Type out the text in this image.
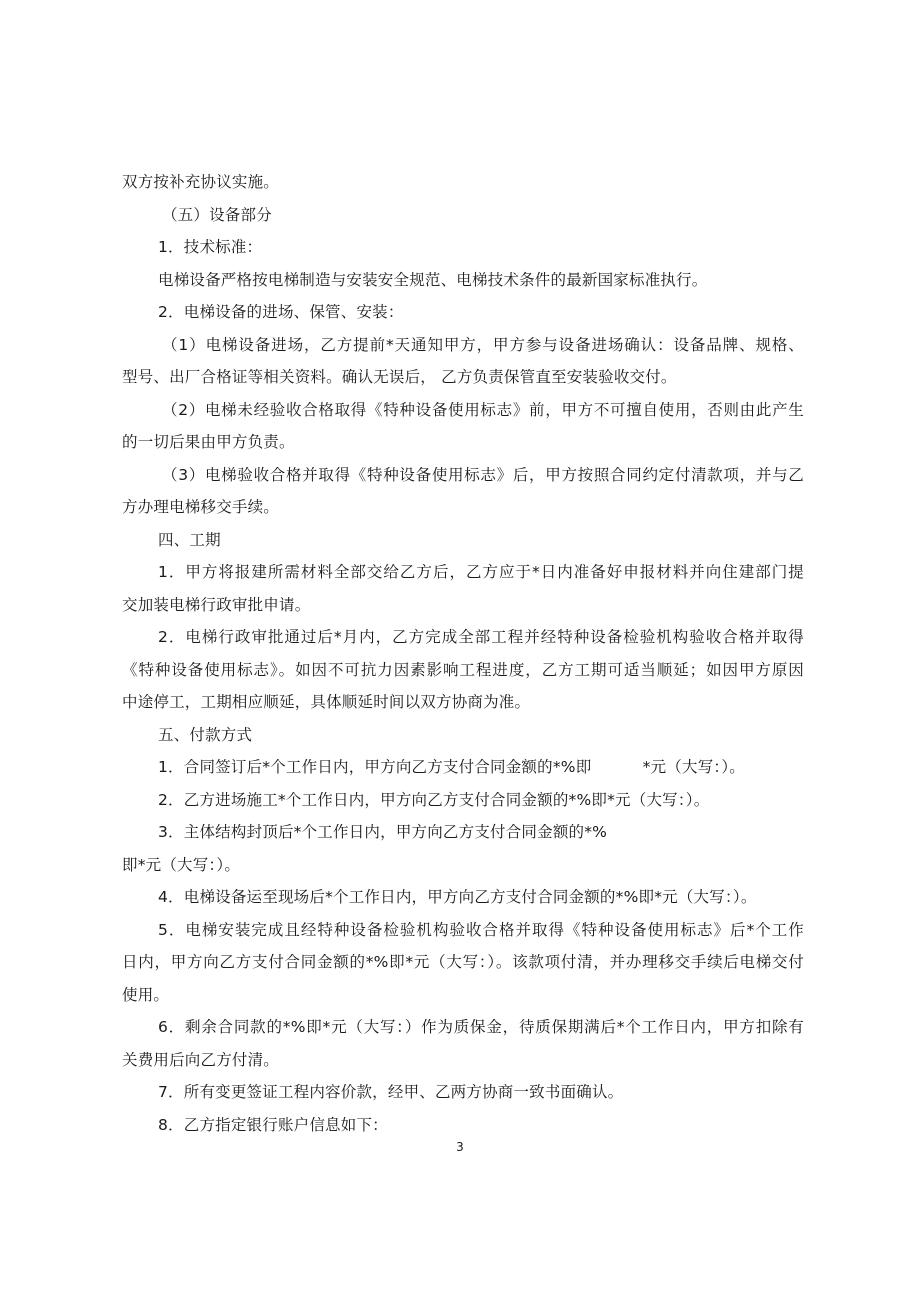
双方按补充协议实施。
（五）设备部分
1．技术标准：
电梯设备严格按电梯制造与安装安全规范、电梯技术条件的最新国家标准执行。
2．电梯设备的进场、保管、安装：
（1）电梯设备进场，乙方提前*天通知甲方，甲方参与设备进场确认：设备品牌、规格、
型号、出厂合格证等相关资料。确认无误后， 乙方负责保管直至安装验收交付。
（2）电梯未经验收合格取得《特种设备使用标志》前，甲方不可擅自使用，否则由此产生
的一切后果由甲方负责。
（3）电梯验收合格并取得《特种设备使用标志》后，甲方按照合同约定付清款项，并与乙
方办理电梯移交手续。
四、工期
1．甲方将报建所需材料全部交给乙方后，乙方应于*日内准备好申报材料并向住建部门提
交加装电梯行政审批申请。
2．电梯行政审批通过后*月内，乙方完成全部工程并经特种设备检验机构验收合格并取得
《特种设备使用标志》。如因不可抗力因素影响工程进度，乙方工期可适当顺延；如因甲方原因
中途停工，工期相应顺延，具体顺延时间以双方协商为准。
五、付款方式
1．合同签订后*个工作日内，甲方向乙方支付合同金额的*%即          *元（大写：）。
2．乙方进场施工*个工作日内，甲方向乙方支付合同金额的*%即*元（大写：）。
3．主体结构封顶后*个工作日内，甲方向乙方支付合同金额的*%
即*元（大写：）。
4．电梯设备运至现场后*个工作日内，甲方向乙方支付合同金额的*%即*元（大写：）。
5．电梯安装完成且经特种设备检验机构验收合格并取得《特种设备使用标志》后*个工作
日内，甲方向乙方支付合同金额的*%即*元（大写：）。该款项付清，并办理移交手续后电梯交付
使用。
6．剩余合同款的*%即*元（大写：）作为质保金，待质保期满后*个工作日内，甲方扣除有
关费用后向乙方付清。
7．所有变更签证工程内容价款，经甲、乙两方协商一致书面确认。
8．乙方指定银行账户信息如下：
3
